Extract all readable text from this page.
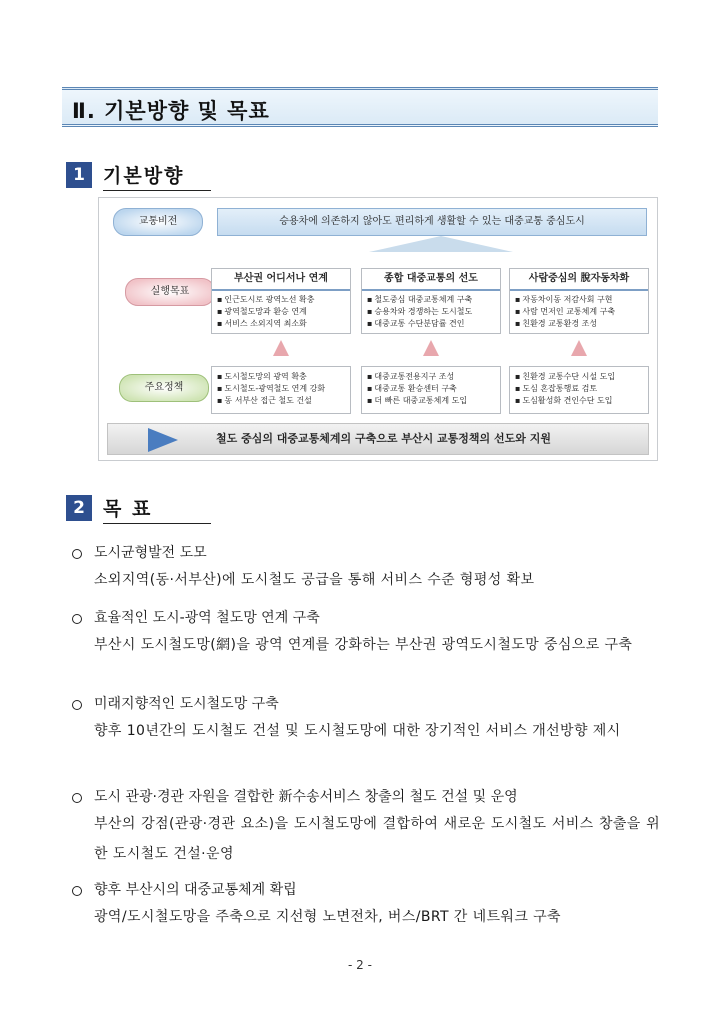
Ⅱ. 기본방향 및 목표
1 기본방향
교통비전	승용차에 의존하지 않아도 편리하게 생활할 수 있는 대중교통 중심도시
실행목표
부산권 어디서나 연계
▪ 인근도시로 광역노선 확충
▪ 광역철도망과 환승 연계
▪ 서비스 소외지역 최소화
종합 대중교통의 선도
▪ 철도중심 대중교통체계 구축
▪ 승용차와 경쟁하는 도시철도
▪ 대중교통 수단분담률 견인
사람중심의 脫자동차화
▪ 자동차이동 저감사회 구현
▪ 사람 먼저인 교통체계 구축
▪ 친환경 교통환경 조성
주요정책
▪ 도시철도망의 광역 확충
▪ 도시철도-광역철도 연계 강화
▪ 동 서부산 접근 철도 건설
▪ 대중교통전용지구 조성
▪ 대중교통 환승센터 구축
▪ 더 빠른 대중교통체계 도입
▪ 친환경 교통수단 시설 도입
▪ 도심 혼잡통행료 검토
▪ 도심활성화 견인수단 도입
철도 중심의 대중교통체계의 구축으로 부산시 교통정책의 선도와 지원
2 목 표
도시균형발전 도모
소외지역(동·서부산)에 도시철도 공급을 통해 서비스 수준 형평성 확보
효율적인 도시-광역 철도망 연계 구축
부산시 도시철도망(網)을 광역 연계를 강화하는 부산권 광역도시철도망 중심으로 구축
미래지향적인 도시철도망 구축
향후 10년간의 도시철도 건설 및 도시철도망에 대한 장기적인 서비스 개선방향 제시
도시 관광·경관 자원을 결합한 新수송서비스 창출의 철도 건설 및 운영
부산의 강점(관광·경관 요소)을 도시철도망에 결합하여 새로운 도시철도 서비스 창출을 위한 도시철도 건설·운영
향후 부산시의 대중교통체계 확립
광역/도시철도망을 주축으로 지선형 노면전차, 버스/BRT 간 네트워크 구축
- 2 -
